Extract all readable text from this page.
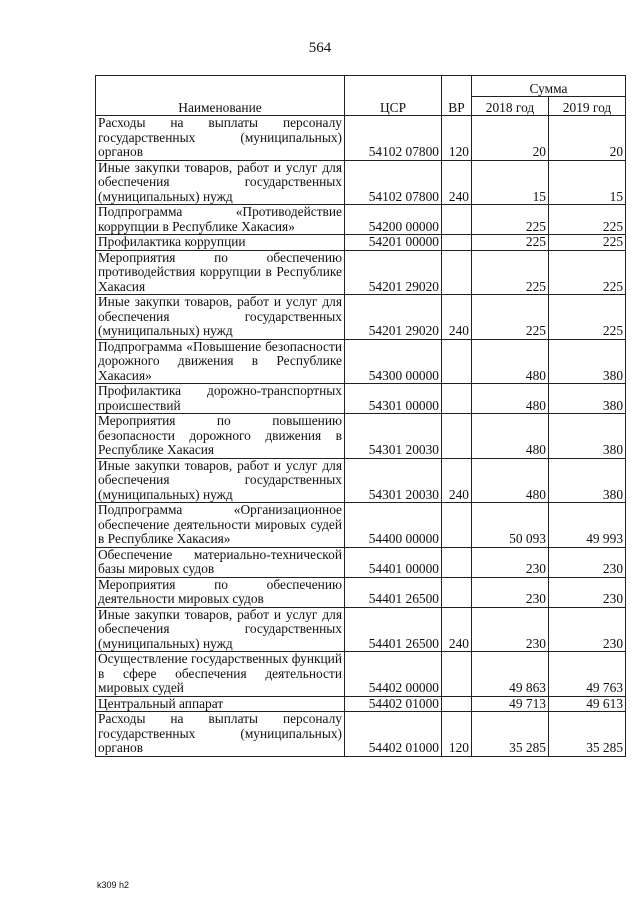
564
Наименование	ЦСР	ВР	Сумма	
			2018 год	2019 год
Расходы на выплаты персоналу государственных (муниципальных) органов	54102 07800	120	20	20
Иные закупки товаров, работ и услуг для обеспечения государственных (муниципальных) нужд	54102 07800	240	15	15
Подпрограмма «Противодействие коррупции в Республике Хакасия»	54200 00000		225	225
Профилактика коррупции	54201 00000		225	225
Мероприятия по обеспечению противодействия коррупции в Республике Хакасия	54201 29020		225	225
Иные закупки товаров, работ и услуг для обеспечения государственных (муниципальных) нужд	54201 29020	240	225	225
Подпрограмма «Повышение безопасности дорожного движения в Республике Хакасия»	54300 00000		480	380
Профилактика дорожно-транспортных происшествий	54301 00000		480	380
Мероприятия по повышению безопасности дорожного движения в Республике Хакасия	54301 20030		480	380
Иные закупки товаров, работ и услуг для обеспечения государственных (муниципальных) нужд	54301 20030	240	480	380
Подпрограмма «Организационное обеспечение деятельности мировых судей в Республике Хакасия»	54400 00000		50 093	49 993
Обеспечение материально-технической базы мировых судов	54401 00000		230	230
Мероприятия по обеспечению деятельности мировых судов	54401 26500		230	230
Иные закупки товаров, работ и услуг для обеспечения государственных (муниципальных) нужд	54401 26500	240	230	230
Осуществление государственных функций в сфере обеспечения деятельности мировых судей	54402 00000		49 863	49 763
Центральный аппарат	54402 01000		49 713	49 613
Расходы на выплаты персоналу государственных (муниципальных) органов	54402 01000	120	35 285	35 285
k309 h2
